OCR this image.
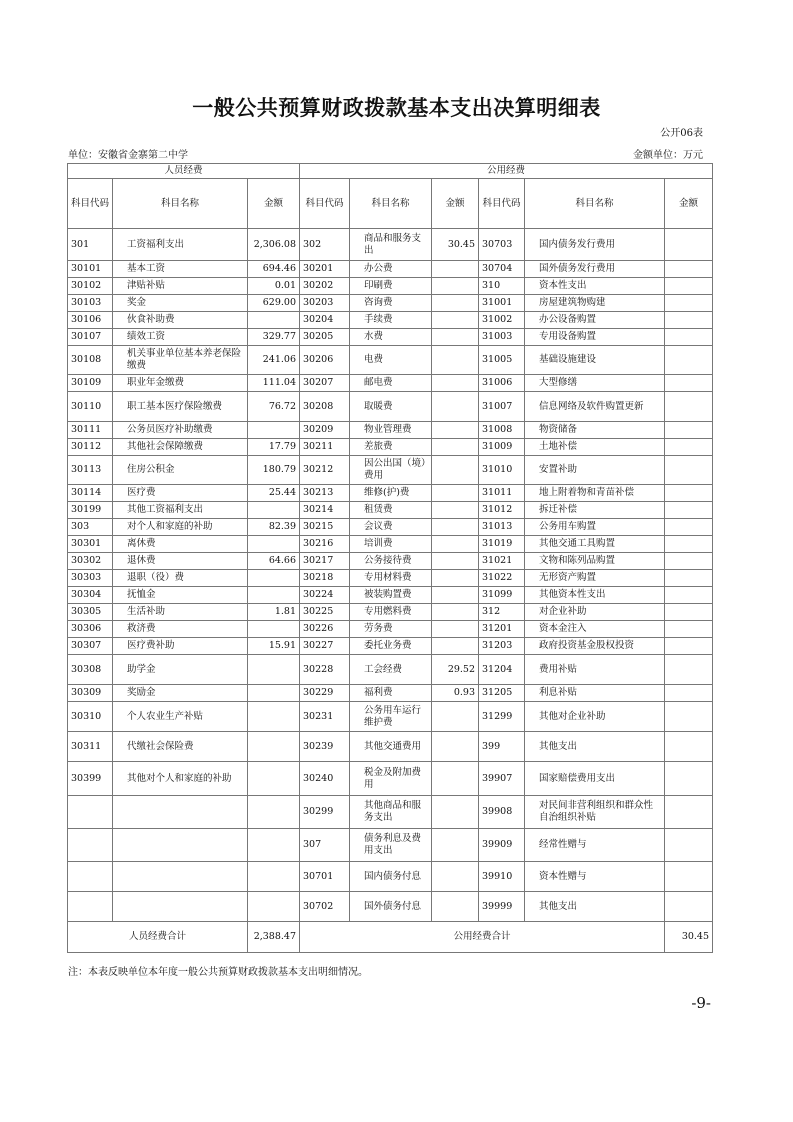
一般公共预算财政拨款基本支出决算明细表
公开06表
单位：安徽省金寨第二中学	金额单位：万元
人员经费			公用经费					
科目代码	科目名称	金额	科目代码	科目名称	金额	科目代码	科目名称	金额
301	工资福利支出	2,306.08	302	商品和服务支出	30.45	30703	国内债务发行费用	
30101	基本工资	694.46	30201	办公费		30704	国外债务发行费用	
30102	津贴补贴	0.01	30202	印刷费		310	资本性支出	
30103	奖金	629.00	30203	咨询费		31001	房屋建筑物购建	
30106	伙食补助费		30204	手续费		31002	办公设备购置	
30107	绩效工资	329.77	30205	水费		31003	专用设备购置	
30108	机关事业单位基本养老保险缴费	241.06	30206	电费		31005	基础设施建设	
30109	职业年金缴费	111.04	30207	邮电费		31006	大型修缮	
30110	职工基本医疗保险缴费	76.72	30208	取暖费		31007	信息网络及软件购置更新	
30111	公务员医疗补助缴费		30209	物业管理费		31008	物资储备	
30112	其他社会保障缴费	17.79	30211	差旅费		31009	土地补偿	
30113	住房公积金	180.79	30212	因公出国（境）费用		31010	安置补助	
30114	医疗费	25.44	30213	维修(护)费		31011	地上附着物和青苗补偿	
30199	其他工资福利支出		30214	租赁费		31012	拆迁补偿	
303	对个人和家庭的补助	82.39	30215	会议费		31013	公务用车购置	
30301	离休费		30216	培训费		31019	其他交通工具购置	
30302	退休费	64.66	30217	公务接待费		31021	文物和陈列品购置	
30303	退职（役）费		30218	专用材料费		31022	无形资产购置	
30304	抚恤金		30224	被装购置费		31099	其他资本性支出	
30305	生活补助	1.81	30225	专用燃料费		312	对企业补助	
30306	救济费		30226	劳务费		31201	资本金注入	
30307	医疗费补助	15.91	30227	委托业务费		31203	政府投资基金股权投资	
30308	助学金		30228	工会经费	29.52	31204	费用补贴	
30309	奖励金		30229	福利费	0.93	31205	利息补贴	
30310	个人农业生产补贴		30231	公务用车运行维护费		31299	其他对企业补助	
30311	代缴社会保险费		30239	其他交通费用		399	其他支出	
30399	其他对个人和家庭的补助		30240	税金及附加费用		39907	国家赔偿费用支出	
			30299	其他商品和服务支出		39908	对民间非营利组织和群众性自治组织补贴	
			307	债务利息及费用支出		39909	经常性赠与	
			30701	国内债务付息		39910	资本性赠与	
			30702	国外债务付息		39999	其他支出	
人员经费合计		2,388.47	公用经费合计					30.45
注：本表反映单位本年度一般公共预算财政拨款基本支出明细情况。
-9-
